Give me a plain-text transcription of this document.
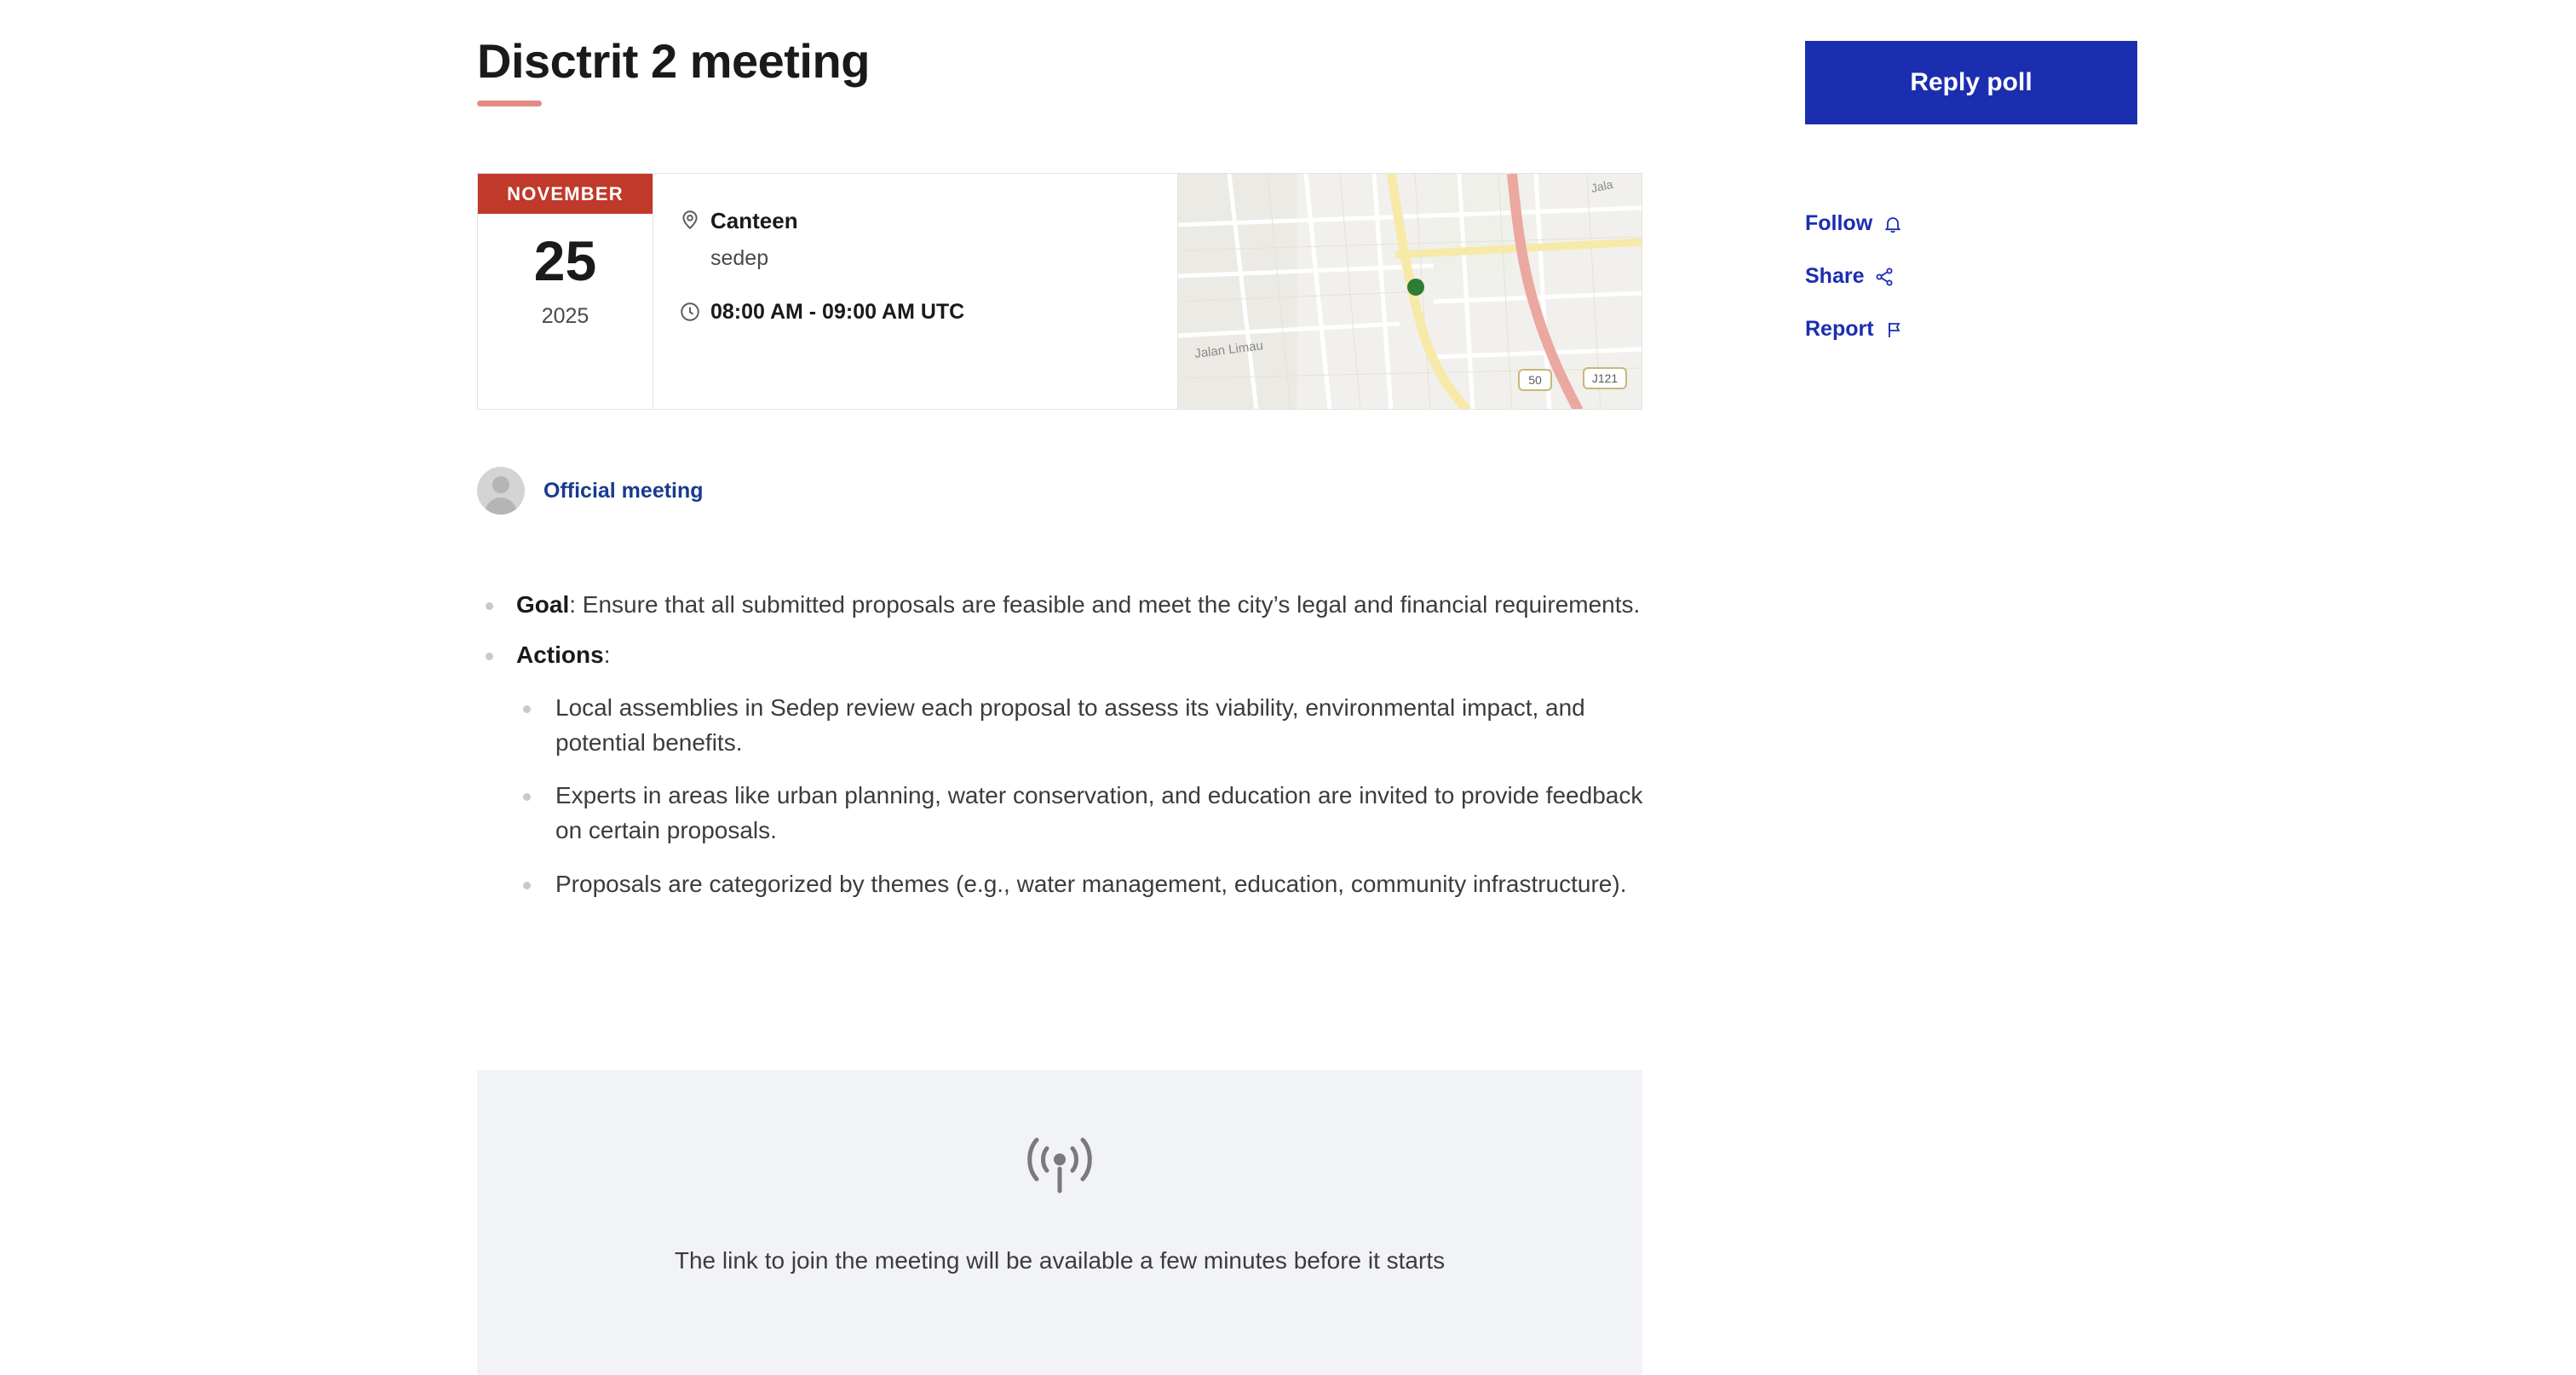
Disctrit 2 meeting
NOVEMBER
25
2025
Canteen
sedep
08:00 AM - 09:00 AM UTC
50	J121
Jalan Limau
Jala
Official meeting
Goal: Ensure that all submitted proposals are feasible and meet the city’s legal and financial requirements.
Actions:
Local assemblies in Sedep review each proposal to assess its viability, environmental impact, and potential benefits.
Experts in areas like urban planning, water conservation, and education are invited to provide feedback on certain proposals.
Proposals are categorized by themes (e.g., water management, education, community infrastructure).
The link to join the meeting will be available a few minutes before it starts
Reply poll
Follow
Share
Report
